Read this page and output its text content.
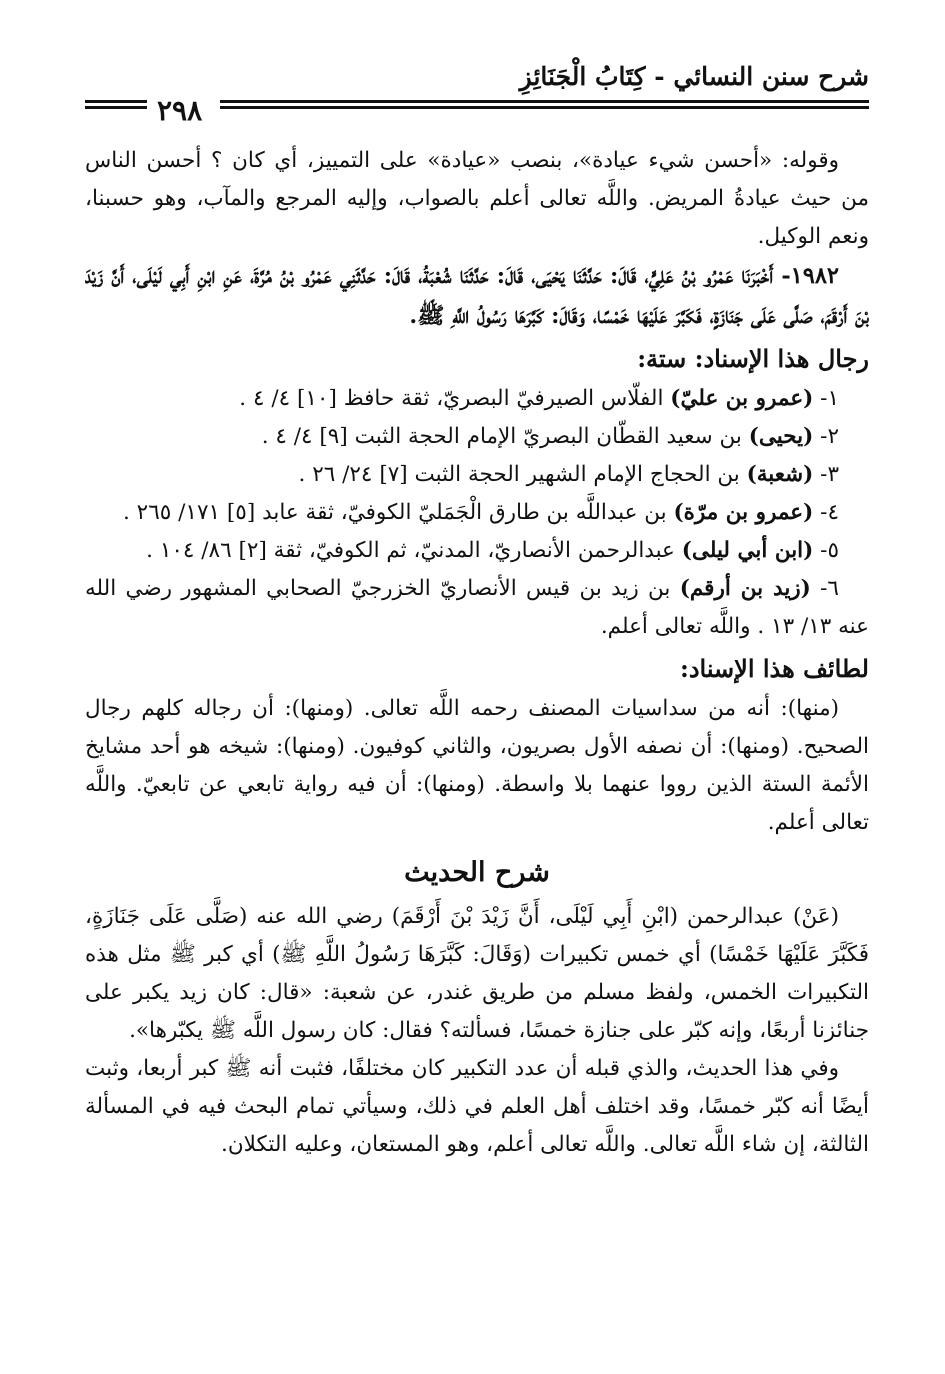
شرح سنن النسائي - كِتَابُ الْجَنَائِزِ
٢٩٨

وقوله: «أحسن شيء عيادة»، بنصب «عيادة» على التمييز، أي كان ؟ أحسن الناس من حيث عيادةُ المريض. واللَّه تعالى أعلم بالصواب، وإليه المرجع والمآب، وهو حسبنا، ونعم الوكيل.

١٩٨٢- أَخْبَرَنَا عَمْرُو بْنُ عَلِيٍّ، قَالَ: حَدَّثَنَا يَحْيَى، قَالَ: حَدَّثَنَا شُعْبَةُ، قَالَ: حَدَّثَنِي عَمْرُو بْنُ مُرَّةَ، عَنِ ابْنِ أَبِي لَيْلَى، أَنَّ زَيْدَ بْنَ أَرْقَمَ، صَلَّى عَلَى جَنَازَةٍ، فَكَبَّرَ عَلَيْهَا خَمْسًا، وَقَالَ: كَبَّرَهَا رَسُولُ اللَّهِ ﷺ.

رجال هذا الإسناد: ستة:

١- (عمرو بن عليّ) الفلّاس الصيرفيّ البصريّ، ثقة حافظ [١٠] ٤/ ٤ .

٢- (يحيى) بن سعيد القطّان البصريّ الإمام الحجة الثبت [٩] ٤/ ٤ .

٣- (شعبة) بن الحجاج الإمام الشهير الحجة الثبت [٧] ٢٤/ ٢٦ .

٤- (عمرو بن مرّة) بن عبداللَّه بن طارق الْجَمَليّ الكوفيّ، ثقة عابد [٥] ١٧١/ ٢٦٥ .

٥- (ابن أبي ليلى) عبدالرحمن الأنصاريّ، المدنيّ، ثم الكوفيّ، ثقة [٢] ٨٦/ ١٠٤ .

٦- (زيد بن أرقم) بن زيد بن قيس الأنصاريّ الخزرجيّ الصحابي المشهور رضي الله عنه ١٣/ ١٣ . واللَّه تعالى أعلم.

لطائف هذا الإسناد:

(منها): أنه من سداسيات المصنف رحمه اللَّه تعالى. (ومنها): أن رجاله كلهم رجال الصحيح. (ومنها): أن نصفه الأول بصريون، والثاني كوفيون. (ومنها): شيخه هو أحد مشايخ الأئمة الستة الذين رووا عنهما بلا واسطة. (ومنها): أن فيه رواية تابعي عن تابعيّ. واللَّه تعالى أعلم.

شرح الحديث

(عَنْ) عبدالرحمن (ابْنِ أَبِي لَيْلَى، أَنَّ زَيْدَ بْنَ أَرْقَمَ) رضي الله عنه (صَلَّى عَلَى جَنَازَةٍ، فَكَبَّرَ عَلَيْهَا خَمْسًا) أي خمس تكبيرات (وَقَالَ: كَبَّرَهَا رَسُولُ اللَّهِ ﷺ) أي كبر ﷺ مثل هذه التكبيرات الخمس، ولفظ مسلم من طريق غندر، عن شعبة: «قال: كان زيد يكبر على جنائزنا أربعًا، وإنه كبّر على جنازة خمسًا، فسألته؟ فقال: كان رسول اللَّه ﷺ يكبّرها».

وفي هذا الحديث، والذي قبله أن عدد التكبير كان مختلفًا، فثبت أنه ﷺ كبر أربعا، وثبت أيضًا أنه كبّر خمسًا، وقد اختلف أهل العلم في ذلك، وسيأتي تمام البحث فيه في المسألة الثالثة، إن شاء اللَّه تعالى. واللَّه تعالى أعلم، وهو المستعان، وعليه التكلان.
